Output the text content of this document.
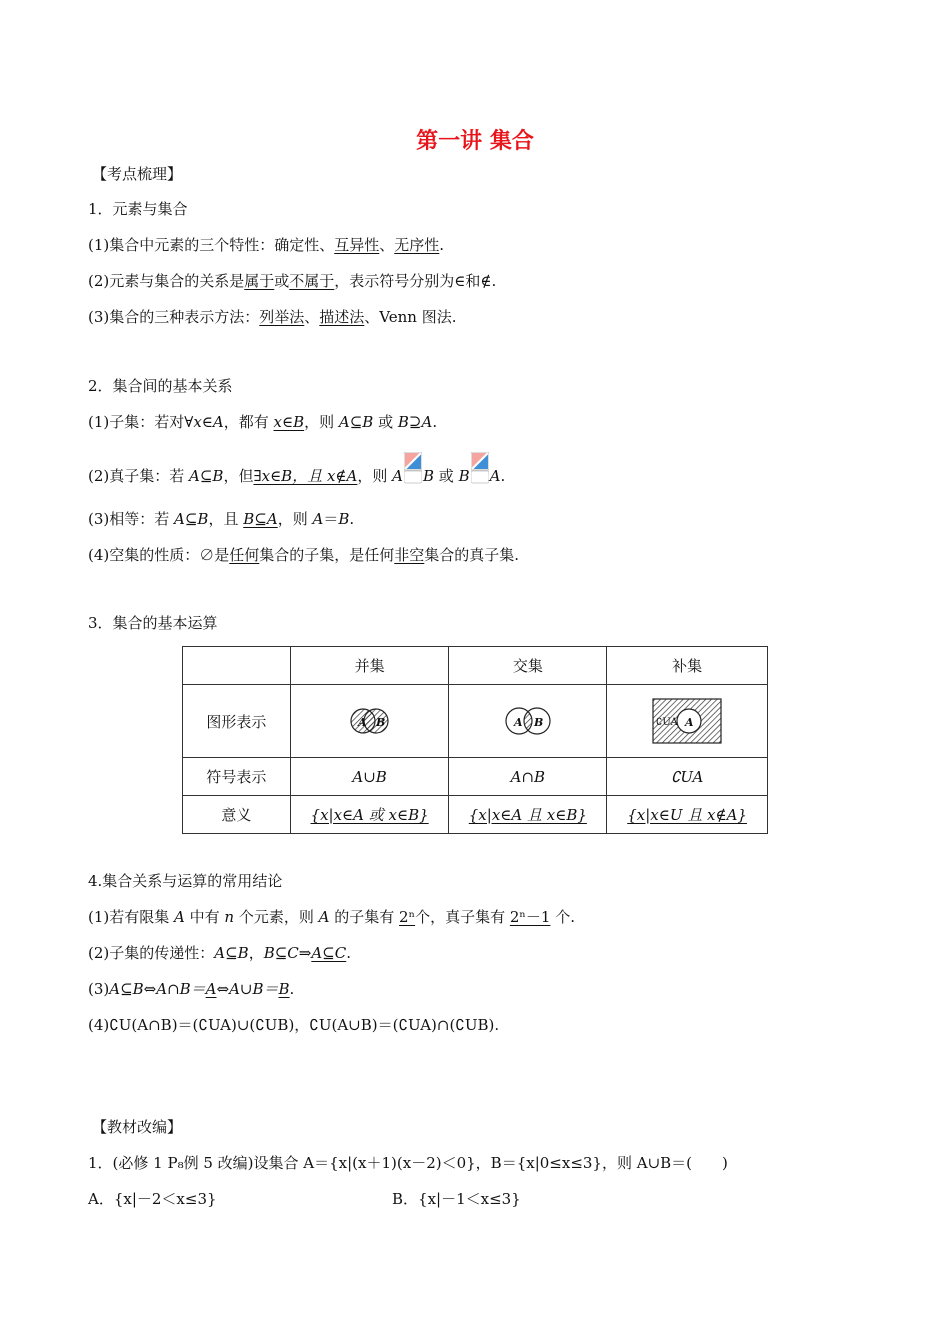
第一讲 集合
【考点梳理】
1．元素与集合
(1)集合中元素的三个特性：确定性、互异性、无序性.
(2)元素与集合的关系是属于或不属于，表示符号分别为∈和∉.
(3)集合的三种表示方法：列举法、描述法、Venn 图法.
2．集合间的基本关系
(1)子集：若对∀x∈A，都有 x∈B，则 A⊆B 或 B⊇A.
(2)真子集：若 A⊆B，但∃x∈B，且 x∉A，则 A B 或 B A.
(3)相等：若 A⊆B，且 B⊆A，则 A＝B.
(4)空集的性质：∅是任何集合的子集，是任何非空集合的真子集.
3．集合的基本运算
	并集	交集	补集
图形表示	A B	A B	∁UA A

符号表示	A∪B	A∩B	∁UA
意义	{x|x∈A 或 x∈B}	{x|x∈A 且 x∈B}	{x|x∈U 且 x∉A}
4.集合关系与运算的常用结论
(1)若有限集 A 中有 n 个元素，则 A 的子集有 2ⁿ个，真子集有 2ⁿ－1 个.
(2)子集的传递性：A⊆B，B⊆C⇒A⊆C.
(3)A⊆B⇔A∩B＝A⇔A∪B＝B.
(4)∁U(A∩B)＝(∁UA)∪(∁UB)，∁U(A∪B)＝(∁UA)∩(∁UB).
【教材改编】
1．(必修 1 P₈例 5 改编)设集合 A＝{x|(x＋1)(x－2)＜0}，B＝{x|0≤x≤3}，则 A∪B＝(　　)
A．{x|－2＜x≤3}	B．{x|－1＜x≤3}
